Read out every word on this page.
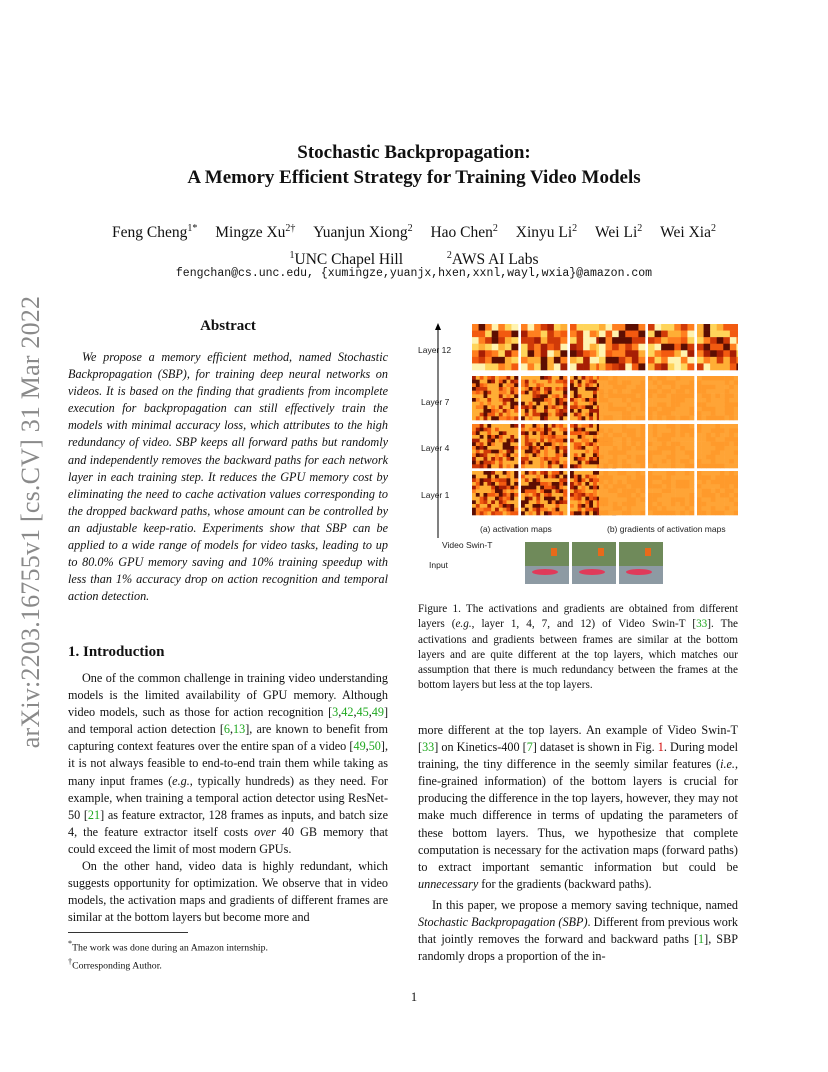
arXiv:2203.16755v1 [cs.CV] 31 Mar 2022
Stochastic Backpropagation:
A Memory Efficient Strategy for Training Video Models
Feng Cheng$^{1*}$ Mingze $Xu^{2\dagger}$ Yuanjun Xiong$^2$ Hao Chen$^2$ Xinyu Li$^2$ Wei Li$^2$ Wei Xia$^2$
$^1$UNC Chapel Hill	$^2$AWS AI Labs
fengchan@cs.unc.edu, {xumingze,yuanjx,hxen,xxnl,wayl,wxia}@amazon.com
Abstract

We propose a memory efficient method, named Stochastic Backpropagation (SBP), for training deep neural networks on videos. It is based on the finding that gradients from incomplete execution for backpropagation can still effectively train the models with minimal accuracy loss, which attributes to the high redundancy of video. SBP keeps all forward paths but randomly and independently removes the backward paths for each network layer in each training step. It reduces the GPU memory cost by eliminating the need to cache activation values corresponding to the dropped backward paths, whose amount can be controlled by an adjustable keep-ratio. Experiments show that SBP can be applied to a wide range of models for video tasks, leading to up to 80.0% GPU memory saving and 10% training speedup with less than 1% accuracy drop on action recognition and temporal action detection.

1. Introduction

One of the common challenge in training video understanding models is the limited availability of GPU memory. Although video models, such as those for action recognition [3,42,45,49] and temporal action detection [6,13], are known to benefit from capturing context features over the entire span of a video [49,50], it is not always feasible to end-to-end train them while taking as many input frames (e.g., typically hundreds) as they need. For example, when training a temporal action detector using ResNet-50 [21] as feature extractor, 128 frames as inputs, and batch size 4, the feature extractor itself costs over 40 GB memory that could exceed the limit of most modern GPUs.

On the other hand, video data is highly redundant, which suggests opportunity for optimization. We observe that in video models, the activation maps and gradients of different frames are similar at the bottom layers but become more and

Layer 12
Layer 7
Layer 4
Layer 1
(a) activation maps	(b) gradients of activation maps
Video Swin-T
Input
Figure 1. The activations and gradients are obtained from different layers (e.g., layer 1, 4, 7, and 12) of Video Swin-T [33]. The activations and gradients between frames are similar at the bottom layers and are quite different at the top layers, which matches our assumption that there is much redundancy between the frames at the bottom layers but less at the top layers.

more different at the top layers. An example of Video Swin-T [33] on Kinetics-400 [7] dataset is shown in Fig. 1. During model training, the tiny difference in the seemly similar features (i.e., fine-grained information) of the bottom layers is crucial for producing the difference in the top layers, however, they may not make much difference in terms of updating the parameters of these bottom layers. Thus, we hypothesize that complete computation is necessary for the activation maps (forward paths) to extract important semantic information but could be unnecessary for the gradients (backward paths).

In this paper, we propose a memory saving technique, named Stochastic Backpropagation (SBP). Different from previous work that jointly removes the forward and backward paths [1], SBP randomly drops a proportion of the in-

*The work was done during an Amazon internship.
†Corresponding Author.
1
